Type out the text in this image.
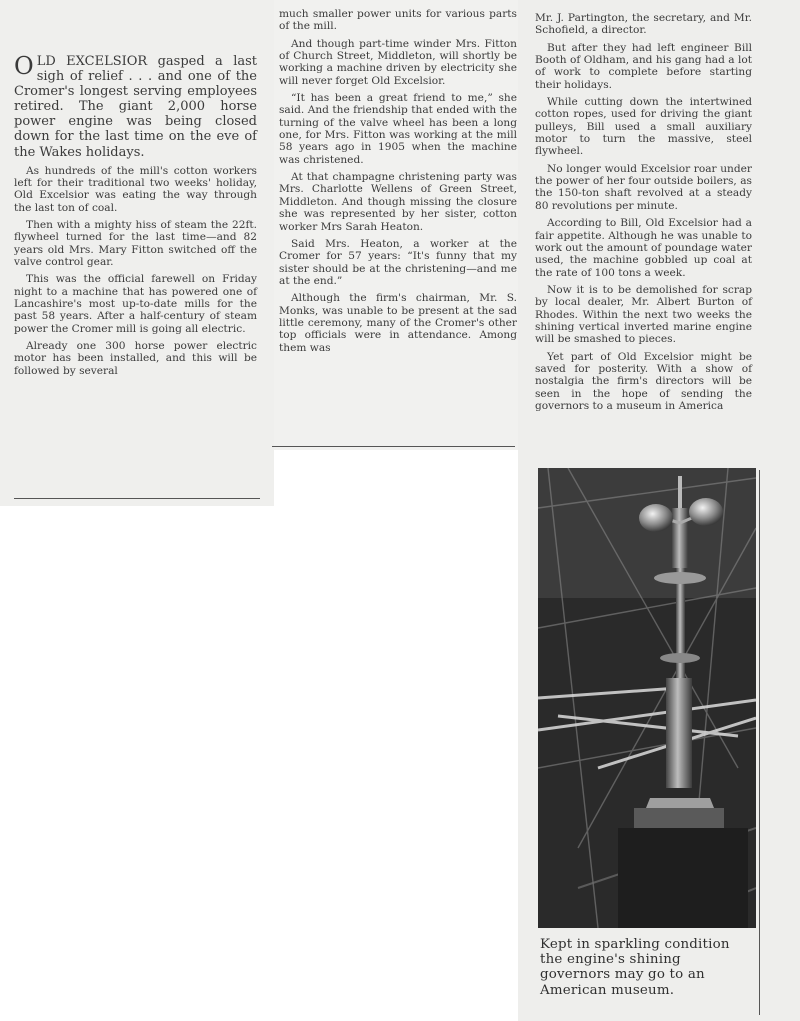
OLD EXCELSIOR gasped a last sigh of relief . . . and one of the Cromer's longest serving employees retired. The giant 2,000 horse power engine was being closed down for the last time on the eve of the Wakes holidays.

As hundreds of the mill's cotton workers left for their traditional two weeks' holiday, Old Excelsior was eating the way through the last ton of coal.

Then with a mighty hiss of steam the 22ft. flywheel turned for the last time—and 82 years old Mrs. Mary Fitton switched off the valve control gear.

This was the official farewell on Friday night to a machine that has powered one of Lancashire's most up-to-date mills for the past 58 years. After a half-century of steam power the Cromer mill is going all electric.

Already one 300 horse power electric motor has been installed, and this will be followed by several

much smaller power units for various parts of the mill.

And though part-time winder Mrs. Fitton of Church Street, Middleton, will shortly be working a machine driven by electricity she will never forget Old Excelsior.

“It has been a great friend to me,” she said. And the friendship that ended with the turning of the valve wheel has been a long one, for Mrs. Fitton was working at the mill 58 years ago in 1905 when the machine was christened.

At that champagne christening party was Mrs. Charlotte Wellens of Green Street, Middleton. And though missing the closure she was represented by her sister, cotton worker Mrs Sarah Heaton.

Said Mrs. Heaton, a worker at the Cromer for 57 years: “It's funny that my sister should be at the christening—and me at the end.”

Although the firm's chairman, Mr. S. Monks, was unable to be present at the sad little ceremony, many of the Cromer's other top officials were in attendance. Among them was

Mr. J. Partington, the secretary, and Mr. Schofield, a director.

But after they had left engineer Bill Booth of Oldham, and his gang had a lot of work to complete before starting their holidays.

While cutting down the intertwined cotton ropes, used for driving the giant pulleys, Bill used a small auxiliary motor to turn the massive, steel flywheel.

No longer would Excelsior roar under the power of her four outside boilers, as the 150-ton shaft revolved at a steady 80 revolutions per minute.

According to Bill, Old Excelsior had a fair appetite. Although he was unable to work out the amount of poundage water used, the machine gobbled up coal at the rate of 100 tons a week.

Now it is to be demolished for scrap by local dealer, Mr. Albert Burton of Rhodes. Within the next two weeks the shining vertical inverted marine engine will be smashed to pieces.

Yet part of Old Excelsior might be saved for posterity. With a show of nostalgia the firm's directors will be seen in the hope of sending the governors to a museum in America

Kept in sparkling condition the engine's shining governors may go to an American museum.
